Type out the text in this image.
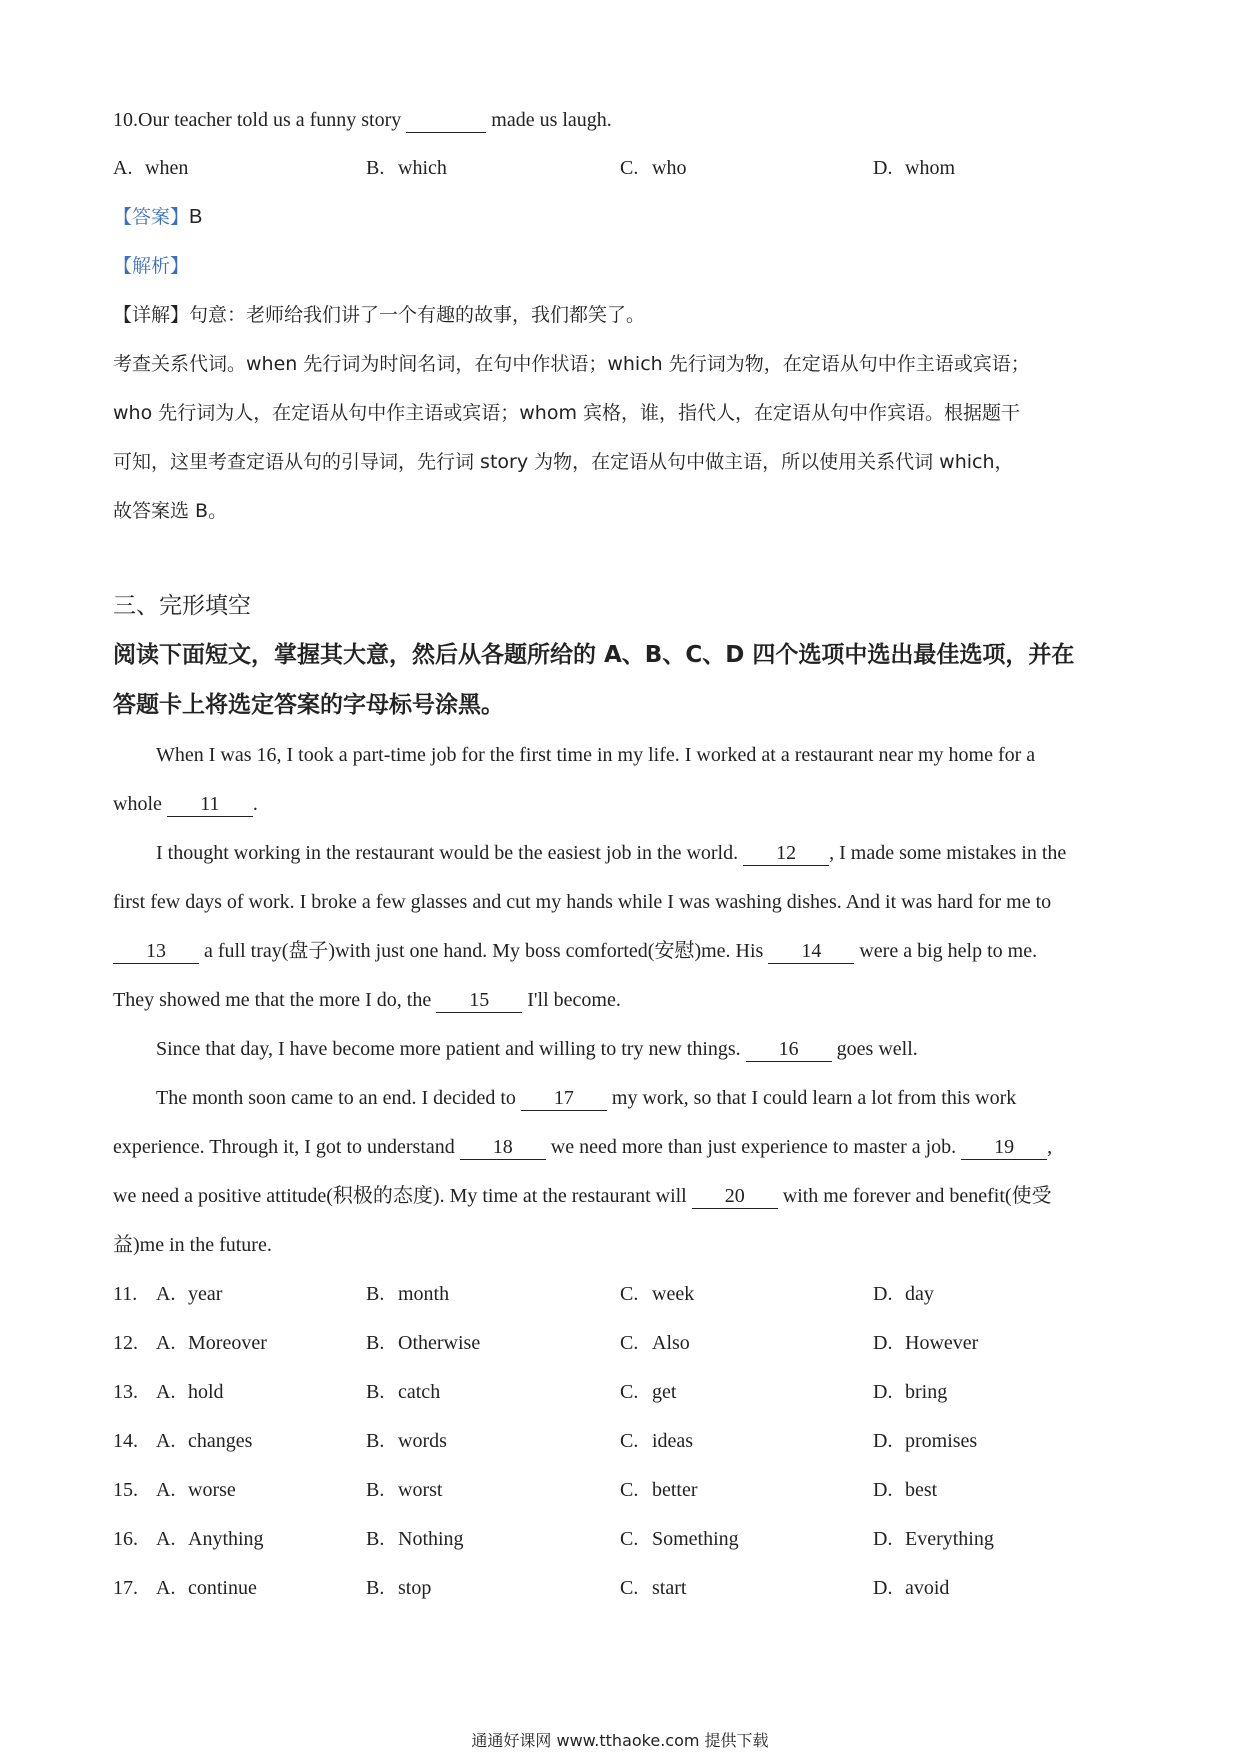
10.Our teacher told us a funny story	made us laugh.
A. when	B. which	C. who	D. whom
【答案】B
【解析】
【详解】句意：老师给我们讲了一个有趣的故事，我们都笑了。
考查关系代词。when 先行词为时间名词，在句中作状语；which 先行词为物，在定语从句中作主语或宾语；
who 先行词为人，在定语从句中作主语或宾语；whom 宾格，谁，指代人，在定语从句中作宾语。根据题干
可知，这里考查定语从句的引导词，先行词 story 为物，在定语从句中做主语，所以使用关系代词 which，
故答案选 B。
三、完形填空
阅读下面短文，掌握其大意，然后从各题所给的 A、B、C、D 四个选项中选出最佳选项，并在
答题卡上将选定答案的字母标号涂黑。
When I was 16, I took a part-time job for the first time in my life. I worked at a restaurant near my home for a
whole 11 .
I thought working in the restaurant would be the easiest job in the world. 12 , I made some mistakes in the
first few days of work. I broke a few glasses and cut my hands while I was washing dishes. And it was hard for me to
13 a full tray(盘子)with just one hand. My boss comforted(安慰)me. His 14 were a big help to me.
They showed me that the more I do, the 15 I'll become.
Since that day, I have become more patient and willing to try new things. 16 goes well.
The month soon came to an end. I decided to 17 my work, so that I could learn a lot from this work
experience. Through it, I got to understand 18 we need more than just experience to master a job. 19 ,
we need a positive attitude(积极的态度). My time at the restaurant will 20 with me forever and benefit(使受
益)me in the future.
11. A. year	B. month	C. week	D. day
12. A. Moreover	B. Otherwise	C. Also	D. However
13. A. hold	B. catch	C. get	D. bring
14. A. changes	B. words	C. ideas	D. promises
15. A. worse	B. worst	C. better	D. best
16. A. Anything	B. Nothing	C. Something	D. Everything
17. A. continue	B. stop	C. start	D. avoid
通通好课网 www.tthaoke.com 提供下载
